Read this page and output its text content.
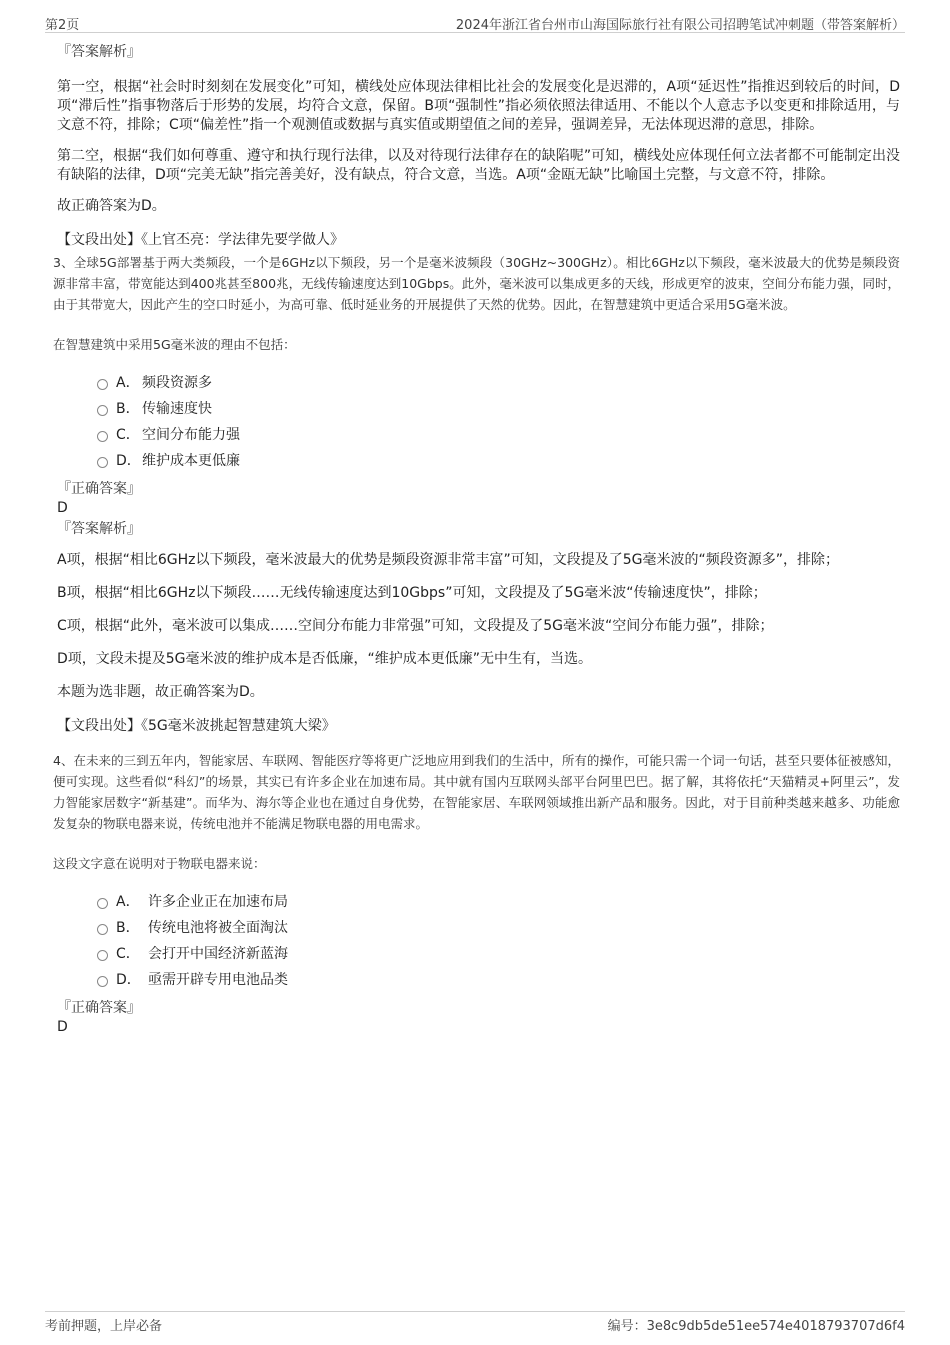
第2页	2024年浙江省台州市山海国际旅行社有限公司招聘笔试冲刺题（带答案解析）

『答案解析』

第一空，根据“社会时时刻刻在发展变化”可知，横线处应体现法律相比社会的发展变化是迟滞的，A项“延迟性”指推迟到较后的时间，D项“滞后性”指事物落后于形势的发展，均符合文意，保留。B项“强制性”指必须依照法律适用、不能以个人意志予以变更和排除适用，与文意不符，排除；C项“偏差性”指一个观测值或数据与真实值或期望值之间的差异，强调差异，无法体现迟滞的意思，排除。

第二空，根据“我们如何尊重、遵守和执行现行法律，以及对待现行法律存在的缺陷呢”可知，横线处应体现任何立法者都不可能制定出没有缺陷的法律，D项“完美无缺”指完善美好，没有缺点，符合文意，当选。A项“金瓯无缺”比喻国土完整，与文意不符，排除。

故正确答案为D。

【文段出处】《上官丕亮：学法律先要学做人》

3、全球5G部署基于两大类频段，一个是6GHz以下频段，另一个是毫米波频段（30GHz~300GHz）。相比6GHz以下频段，毫米波最大的优势是频段资源非常丰富，带宽能达到400兆甚至800兆，无线传输速度达到10Gbps。此外，毫米波可以集成更多的天线，形成更窄的波束，空间分布能力强，同时，由于其带宽大，因此产生的空口时延小，为高可靠、低时延业务的开展提供了天然的优势。因此，在智慧建筑中更适合采用5G毫米波。

在智慧建筑中采用5G毫米波的理由不包括：

A． 频段资源多
B． 传输速度快
C． 空间分布能力强
D． 维护成本更低廉

『正确答案』

D

『答案解析』

A项，根据“相比6GHz以下频段，毫米波最大的优势是频段资源非常丰富”可知，文段提及了5G毫米波的“频段资源多”，排除；

B项，根据“相比6GHz以下频段……无线传输速度达到10Gbps”可知，文段提及了5G毫米波“传输速度快”，排除；

C项，根据“此外，毫米波可以集成……空间分布能力非常强”可知，文段提及了5G毫米波“空间分布能力强”，排除；

D项，文段未提及5G毫米波的维护成本是否低廉，“维护成本更低廉”无中生有，当选。

本题为选非题，故正确答案为D。

【文段出处】《5G毫米波挑起智慧建筑大梁》

4、在未来的三到五年内，智能家居、车联网、智能医疗等将更广泛地应用到我们的生活中，所有的操作，可能只需一个词一句话，甚至只要体征被感知，便可实现。这些看似“科幻”的场景，其实已有许多企业在加速布局。其中就有国内互联网头部平台阿里巴巴。据了解，其将依托“天猫精灵+阿里云”，发力智能家居数字“新基建”。而华为、海尔等企业也在通过自身优势，在智能家居、车联网领域推出新产品和服务。因此，对于目前种类越来越多、功能愈发复杂的物联电器来说，传统电池并不能满足物联电器的用电需求。

这段文字意在说明对于物联电器来说：

A． 许多企业正在加速布局
B． 传统电池将被全面淘汰
C． 会打开中国经济新蓝海
D． 亟需开辟专用电池品类

『正确答案』

D

考前押题，上岸必备	编号：3e8c9db5de51ee574e4018793707d6f4
